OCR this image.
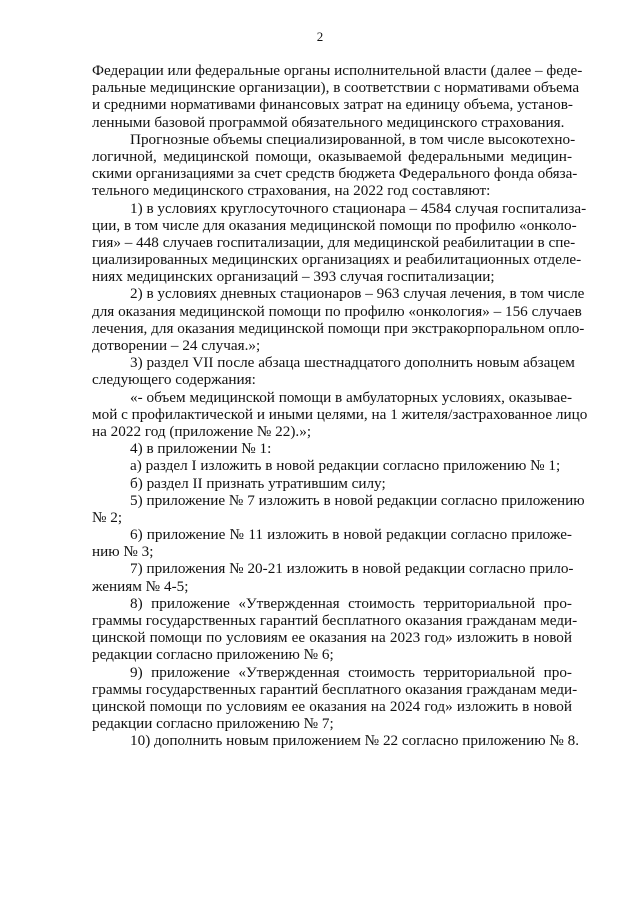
2
Федерации или федеральные органы исполнительной власти (далее – феде-
ральные медицинские организации), в соответствии с нормативами объема
и средними нормативами финансовых затрат на единицу объема, установ-
ленными базовой программой обязательного медицинского страхования.
Прогнозные объемы специализированной, в том числе высокотехно-
логичной, медицинской помощи, оказываемой федеральными медицин-
скими организациями за счет средств бюджета Федерального фонда обяза-
тельного медицинского страхования, на 2022 год составляют:
1) в условиях круглосуточного стационара – 4584 случая госпитализа-
ции, в том числе для оказания медицинской помощи по профилю «онколо-
гия» – 448 случаев госпитализации, для медицинской реабилитации в спе-
циализированных медицинских организациях и реабилитационных отделе-
ниях медицинских организаций – 393 случая госпитализации;
2) в условиях дневных стационаров – 963 случая лечения, в том числе
для оказания медицинской помощи по профилю «онкология» – 156 случаев
лечения, для оказания медицинской помощи при экстракорпоральном опло-
дотворении – 24 случая.»;
3) раздел VII после абзаца шестнадцатого дополнить новым абзацем
следующего содержания:
«- объем медицинской помощи в амбулаторных условиях, оказывае-
мой с профилактической и иными целями, на 1 жителя/застрахованное лицо
на 2022 год (приложение № 22).»;
4) в приложении № 1:
а) раздел I изложить в новой редакции согласно приложению № 1;
б) раздел II признать утратившим силу;
5) приложение № 7 изложить в новой редакции согласно приложению
№ 2;
6) приложение № 11 изложить в новой редакции согласно приложе-
нию № 3;
7) приложения № 20-21 изложить в новой редакции согласно прило-
жениям № 4-5;
8) приложение «Утвержденная стоимость территориальной про-
граммы государственных гарантий бесплатного оказания гражданам меди-
цинской помощи по условиям ее оказания на 2023 год» изложить в новой
редакции согласно приложению № 6;
9) приложение «Утвержденная стоимость территориальной про-
граммы государственных гарантий бесплатного оказания гражданам меди-
цинской помощи по условиям ее оказания на 2024 год» изложить в новой
редакции согласно приложению № 7;
10) дополнить новым приложением № 22 согласно приложению № 8.
